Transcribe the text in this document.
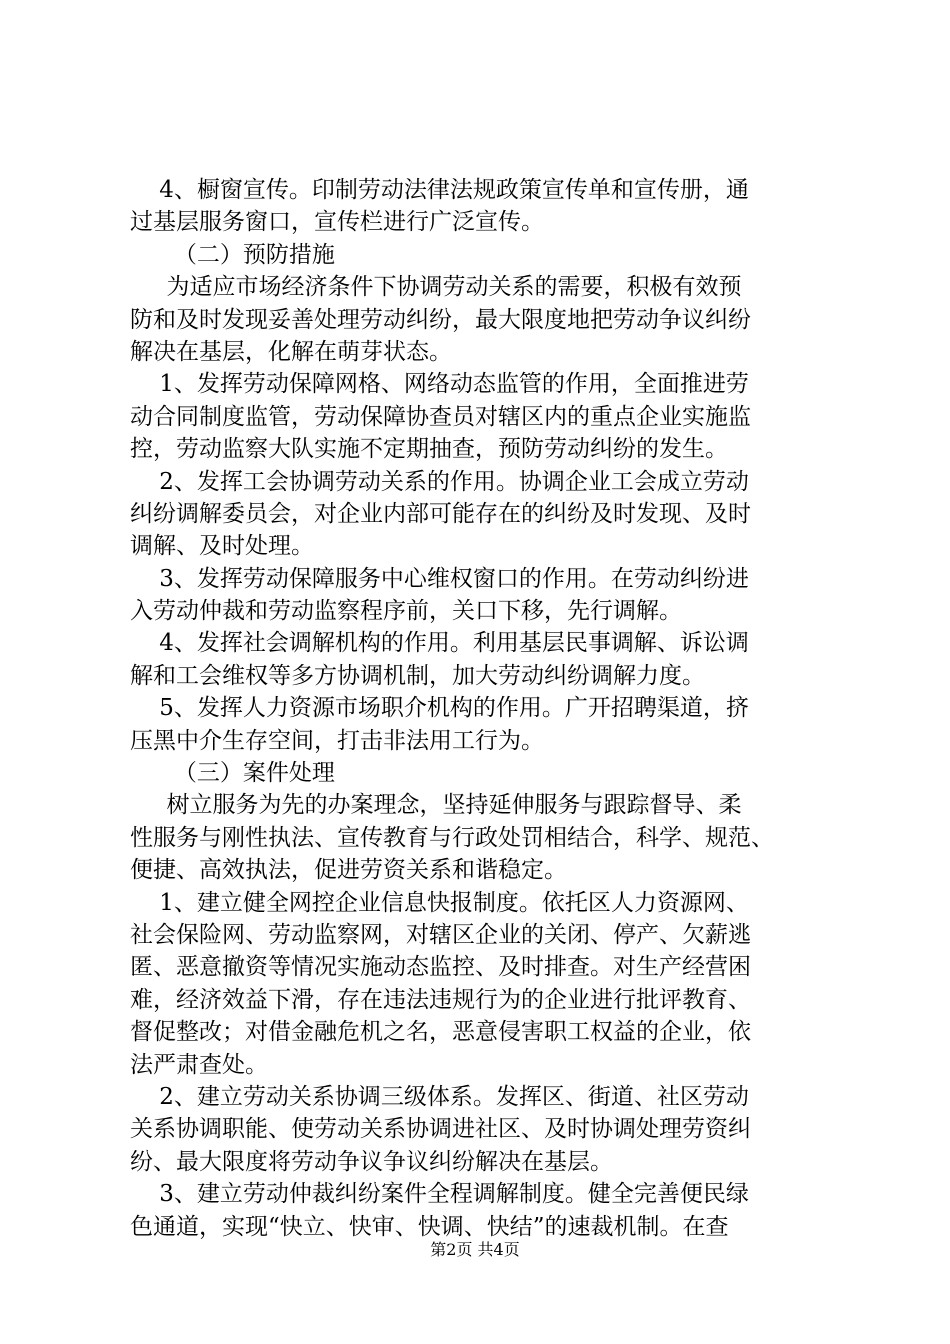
4、橱窗宣传。印制劳动法律法规政策宣传单和宣传册，通
过基层服务窗口，宣传栏进行广泛宣传。
（二）预防措施
为适应市场经济条件下协调劳动关系的需要，积极有效预
防和及时发现妥善处理劳动纠纷，最大限度地把劳动争议纠纷
解决在基层，化解在萌芽状态。
1、发挥劳动保障网格、网络动态监管的作用，全面推进劳
动合同制度监管，劳动保障协查员对辖区内的重点企业实施监
控，劳动监察大队实施不定期抽查，预防劳动纠纷的发生。
2、发挥工会协调劳动关系的作用。协调企业工会成立劳动
纠纷调解委员会，对企业内部可能存在的纠纷及时发现、及时
调解、及时处理。
3、发挥劳动保障服务中心维权窗口的作用。在劳动纠纷进
入劳动仲裁和劳动监察程序前，关口下移，先行调解。
4、发挥社会调解机构的作用。利用基层民事调解、诉讼调
解和工会维权等多方协调机制，加大劳动纠纷调解力度。
5、发挥人力资源市场职介机构的作用。广开招聘渠道，挤
压黑中介生存空间，打击非法用工行为。
（三）案件处理
树立服务为先的办案理念，坚持延伸服务与跟踪督导、柔
性服务与刚性执法、宣传教育与行政处罚相结合，科学、规范、
便捷、高效执法，促进劳资关系和谐稳定。
1、建立健全网控企业信息快报制度。依托区人力资源网、
社会保险网、劳动监察网，对辖区企业的关闭、停产、欠薪逃
匿、恶意撤资等情况实施动态监控、及时排查。对生产经营困
难，经济效益下滑，存在违法违规行为的企业进行批评教育、
督促整改；对借金融危机之名，恶意侵害职工权益的企业，依
法严肃查处。
2、建立劳动关系协调三级体系。发挥区、街道、社区劳动
关系协调职能、使劳动关系协调进社区、及时协调处理劳资纠
纷、最大限度将劳动争议争议纠纷解决在基层。
3、建立劳动仲裁纠纷案件全程调解制度。健全完善便民绿
色通道，实现“快立、快审、快调、快结”的速裁机制。在查
第2页 共4页
